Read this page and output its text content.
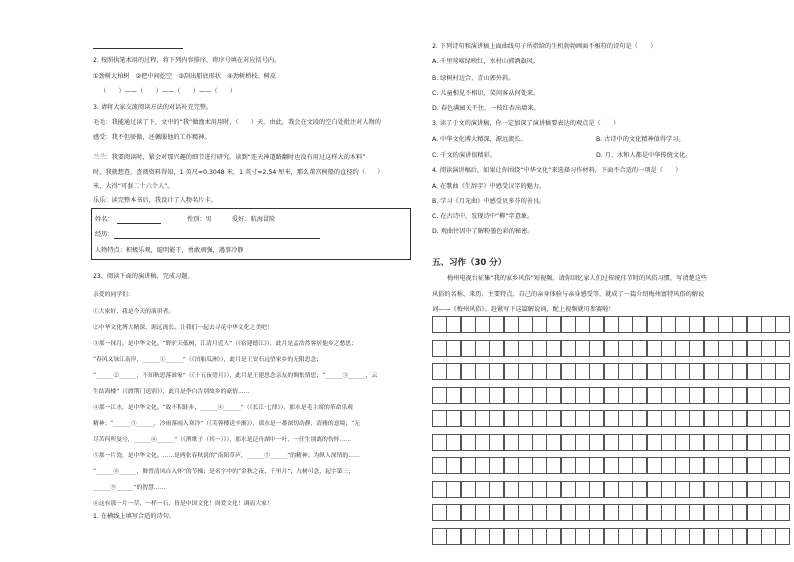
2. 按照执笔术用的过程，将下列内容排序，将序号填在对应括号内。
①劲树大柏树　②把中间挖空　③刮出船底形状　④劲树梢枝、树皮
（　　）——（　　）——（　　）——（　　）
3. 请将大家交流阅读方法的对话补充完整。
毛毛：我能通过读了下，文中的“我”做渔术用用时，（　　）天。由此，我会在文段的空白处批注对人物的
感受：我不但骄傲，还佩服他的工作精神。
兰兰：我要阅读时，紧会对那兴趣的细节进行研究。读到“连天神道路翻时也没有用过这样大的木料”
时，我就想查，查阅资料得知，1 英尺≈0.3048 米，1 英寸≈2.54 厘米，那么董宫树船的直径约（　　）
米，大得“可套二十六个人”。
乐乐：读完整本书后，我设计了人物名片卡。
姓名：	性别：男	爱好：航海冒险
经历：
人物特点：积极乐观，聪明能干，勇敢顽强，遇事冷静
23、阅读下面的演讲稿，完成习题。
亲爱的同学们：
①大家好，我是今天的演讲者。
②中华文化博大精深，源远流长。让我们一起去寻觅中华文化之美吧！
③那一抹月，是中华文化。“野旷天低树，江清月近人”（《宿建德江》），此月是孟浩然客居他乡之愁思；
“春风又绿江南岸，______①______”（《泊船瓜洲》），此月是王安石远望家乡的无限思念；
“______②______，不知秋思落谁家”（《十五夜望月》），此月是王建思念亲友的惆怅情思；“______③______，云
生结海楼”（《渡荆门送别》），此月是李白告别故乡的豪情……
④那一江水，是中华文化。“故不积跬步，______④______”（《长江·七律》），那水是毛主席的革命乐观
精神；“______⑤______，冷雨落雨入寒冷”（《芙蓉楼送辛渐》），那水是一番深切动静、清雅的意境；“无
尽苦何所复兮，______⑥______”（《渔歌子（其一）》），那水是泛舟湖中一叶，一任生别离的伤怀……
⑤那一片瓷，是中华文化。……是两张春秋说的“南阳草庐，______⑦______”的精神；为纵人深情的……
“______⑧______，舞曾清风自入怀”的节操；是名字中的“金秋之夜、千里月”；九树可念，起字第三；
______⑨______”的智慧……
⑥这有那一片一草、一样一石，皆是中国文化！周爱文化！调而大家！
1. 在横线上填写合适的诗句。
2. 下列诗句和演讲稿上面曲线句子所指给的生机勃勃画面不相符的诗句是（　　）
A. 千里莺啼绿映红，水村山郭酒旗风。
B. 绿树村边合，青山郭外斜。
C. 儿童相见不相识，笑问客从何处来。
D. 春色满园关不住，一枝红杏出墙来。
3. 读了于文的演讲稿，你一定加深了演讲稿要表达的观点是（　　）
A. 中华文化博大精深，源远流长。	B. 古诗中的文化精神值得学习。
C. 千文的演讲很精彩。	D. 月、水和人都是中华传统文化。
4. 阅读演讲稿后，如果让你围绕“中华文化”来选择习作材料，下面不合适的一项是（　　）
A. 在歌曲《生辞字》中感受汉字的魅力。
B. 学习《月光曲》中感受贝多芬的善良。
C. 在古诗中，发现诗中“柳”字意象。
D. 观曲往因中了解粉墨色彩的秘密。
五、习作（30 分）
梅州电视台征集“我的家乡风俗”短视频。请你回忆家人们过传统佳节时的风俗习惯，写清楚这些
风俗的名称、来历、主要特点、自己的亲身体验与亲身感受等，就成了一篇介绍梅州富特风俗的解说
词——《梅州风俗》。赶紧写下这篇解说词，配上视频就可参赛啦！
